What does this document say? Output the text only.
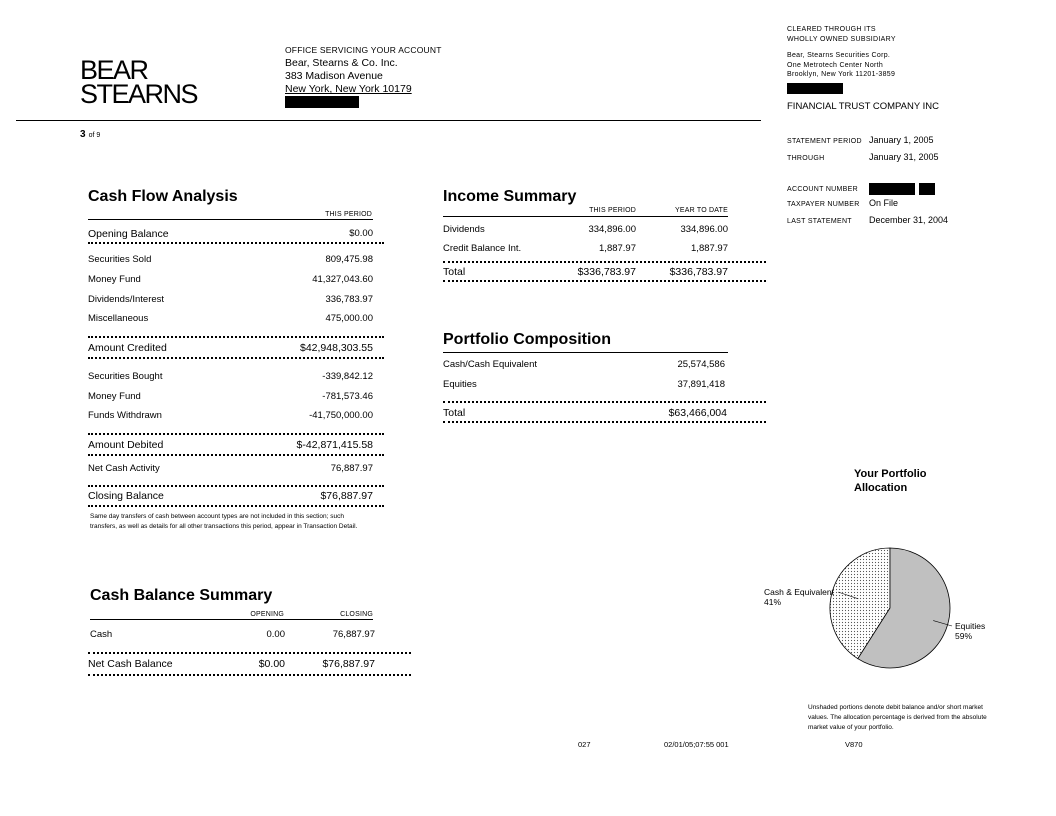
BEAR
STEARNS
OFFICE SERVICING YOUR ACCOUNT
Bear, Stearns & Co. Inc.
383 Madison Avenue
New York, New York 10179
3 of 9
CLEARED THROUGH ITS
WHOLLY OWNED SUBSIDIARY
Bear, Stearns Securities Corp.
One Metrotech Center North
Brooklyn, New York 11201-3859
FINANCIAL TRUST COMPANY INC
STATEMENT PERIOD January 1, 2005
THROUGH	January 31, 2005
ACCOUNT NUMBER
TAXPAYER NUMBER On File
LAST STATEMENT December 31, 2004
Cash Flow Analysis
THIS PERIOD
Opening Balance	$0.00
Securities Sold	809,475.98
Money Fund	41,327,043.60
Dividends/Interest	336,783.97
Miscellaneous	475,000.00
Amount Credited	$42,948,303.55
Securities Bought	-339,842.12
Money Fund	-781,573.46
Funds Withdrawn	-41,750,000.00
Amount Debited	$-42,871,415.58
Net Cash Activity	76,887.97
Closing Balance	$76,887.97
Same day transfers of cash between account types are not included in this section; such transfers, as well as details for all other transactions this period, appear in Transaction Detail.
Income Summary
THIS PERIOD	YEAR TO DATE
Dividends	334,896.00	334,896.00
Credit Balance Int.	1,887.97	1,887.97
Total	$336,783.97	$336,783.97
Portfolio Composition
Cash/Cash Equivalent	25,574,586
Equities	37,891,418
Total	$63,466,004
Cash Balance Summary
OPENING	CLOSING
Cash	0.00	76,887.97
Net Cash Balance	$0.00	$76,887.97
Your Portfolio
Allocation
Cash & Equivalent
41%
Equities
59%
Unshaded portions denote debit balance and/or short market values. The allocation percentage is derived from the absolute market value of your portfolio.
027	02/01/05;07:55 001	V870
